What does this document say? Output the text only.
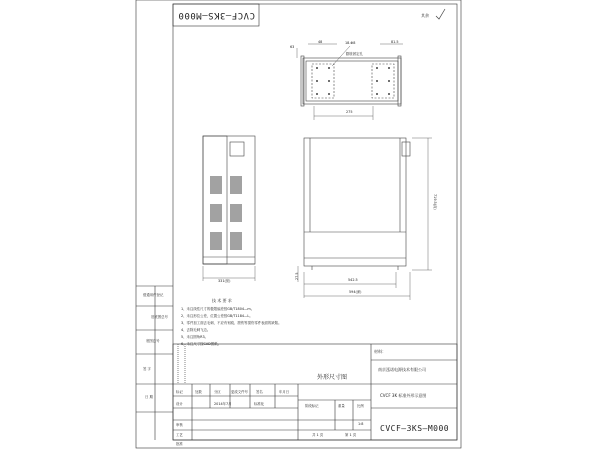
CVCF—3KS—M000	其余
借通用件登记
旧底图总号
底图总号
签 字
日 期
331(宽)
48	18-Φ8	81.5
63
膨胀固定孔
275
719.5(高)
27.5	542.5
594(深)
技 术 要 求
1、未注线性尺寸的极限偏差按GB/T1804—m。
2、未注形位公差，位置公差按GB/T1184—L。
3、零件加工面去毛刺、不应有划痕、擦伤等损伤零件表面的缺陷。
4、去除毛刺飞边。
5、未注圆角R3。
6、未注尺寸按CAD图纸。
材料：
外形尺寸图
南京泓诺电源技术有限公司
CVCF 3K 标准外形示意图
CVCF—3KS—M000
标记	处数	分区	更改文件号 签名	年月日
设计	2014年7月	标准化
审核
工艺
批准
阶段标记	重量	比例
1:8
共 1 页	第 1 页
